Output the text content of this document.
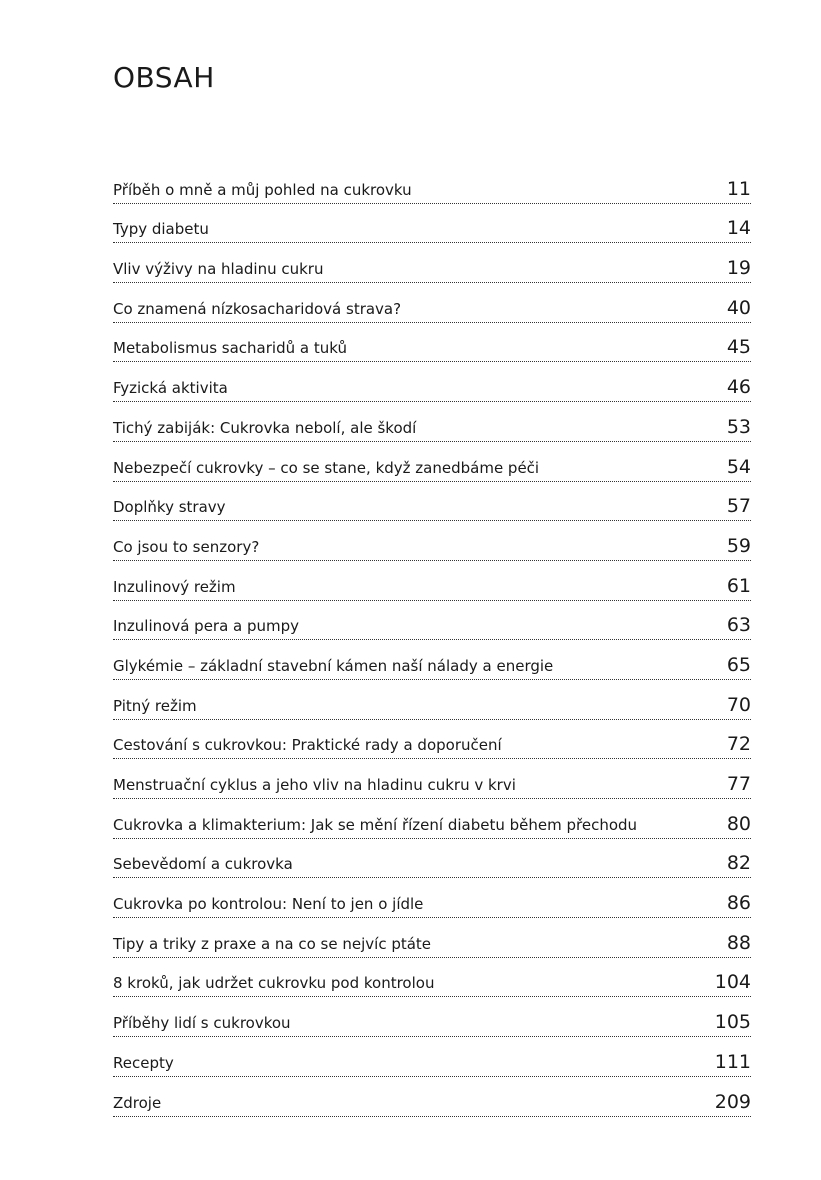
OBSAH
Příběh o mně a můj pohled na cukrovku	11
Typy diabetu	14
Vliv výživy na hladinu cukru	19
Co znamená nízkosacharidová strava?	40
Metabolismus sacharidů a tuků	45
Fyzická aktivita	46
Tichý zabiják: Cukrovka nebolí, ale škodí	53
Nebezpečí cukrovky – co se stane, když zanedbáme péči	54
Doplňky stravy	57
Co jsou to senzory?	59
Inzulinový režim	61
Inzulinová pera a pumpy	63
Glykémie – základní stavební kámen naší nálady a energie	65
Pitný režim	70
Cestování s cukrovkou: Praktické rady a doporučení	72
Menstruační cyklus a jeho vliv na hladinu cukru v krvi	77
Cukrovka a klimakterium: Jak se mění řízení diabetu během přechodu	80
Sebevědomí a cukrovka	82
Cukrovka po kontrolou: Není to jen o jídle	86
Tipy a triky z praxe a na co se nejvíc ptáte	88
8 kroků, jak udržet cukrovku pod kontrolou	104
Příběhy lidí s cukrovkou	105
Recepty	111
Zdroje	209
